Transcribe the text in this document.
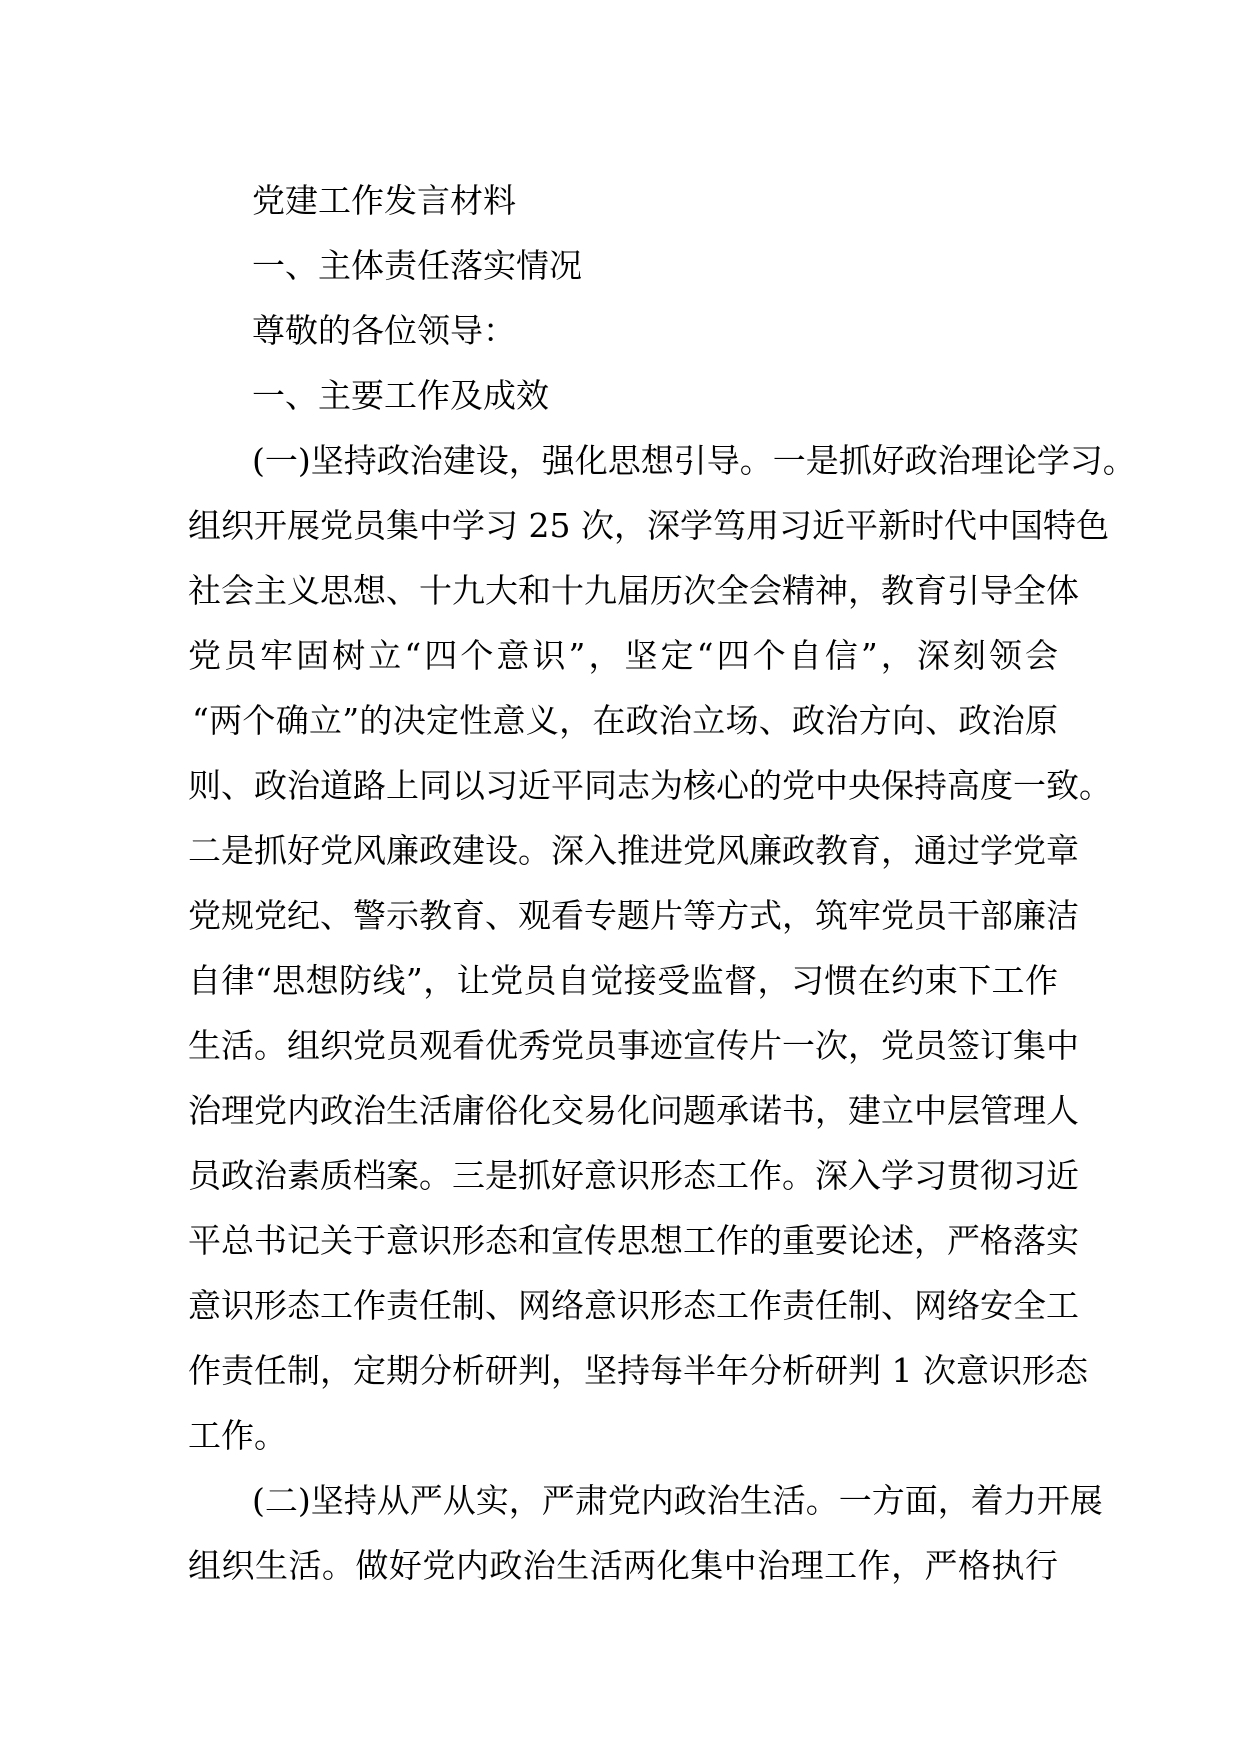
党建工作发言材料
一、主体责任落实情况
尊敬的各位领导：
一、主要工作及成效
(一)坚持政治建设，强化思想引导。一是抓好政治理论学习。
组织开展党员集中学习 25 次，深学笃用习近平新时代中国特色
社会主义思想、十九大和十九届历次全会精神，教育引导全体
党员牢固树立“四个意识”，坚定“四个自信”，深刻领会
“两个确立”的决定性意义，在政治立场、政治方向、政治原
则、政治道路上同以习近平同志为核心的党中央保持高度一致。
二是抓好党风廉政建设。深入推进党风廉政教育，通过学党章
党规党纪、警示教育、观看专题片等方式，筑牢党员干部廉洁
自律“思想防线”，让党员自觉接受监督，习惯在约束下工作
生活。组织党员观看优秀党员事迹宣传片一次，党员签订集中
治理党内政治生活庸俗化交易化问题承诺书，建立中层管理人
员政治素质档案。三是抓好意识形态工作。深入学习贯彻习近
平总书记关于意识形态和宣传思想工作的重要论述，严格落实
意识形态工作责任制、网络意识形态工作责任制、网络安全工
作责任制，定期分析研判，坚持每半年分析研判 1 次意识形态
工作。
(二)坚持从严从实，严肃党内政治生活。一方面，着力开展
组织生活。做好党内政治生活两化集中治理工作，严格执行
